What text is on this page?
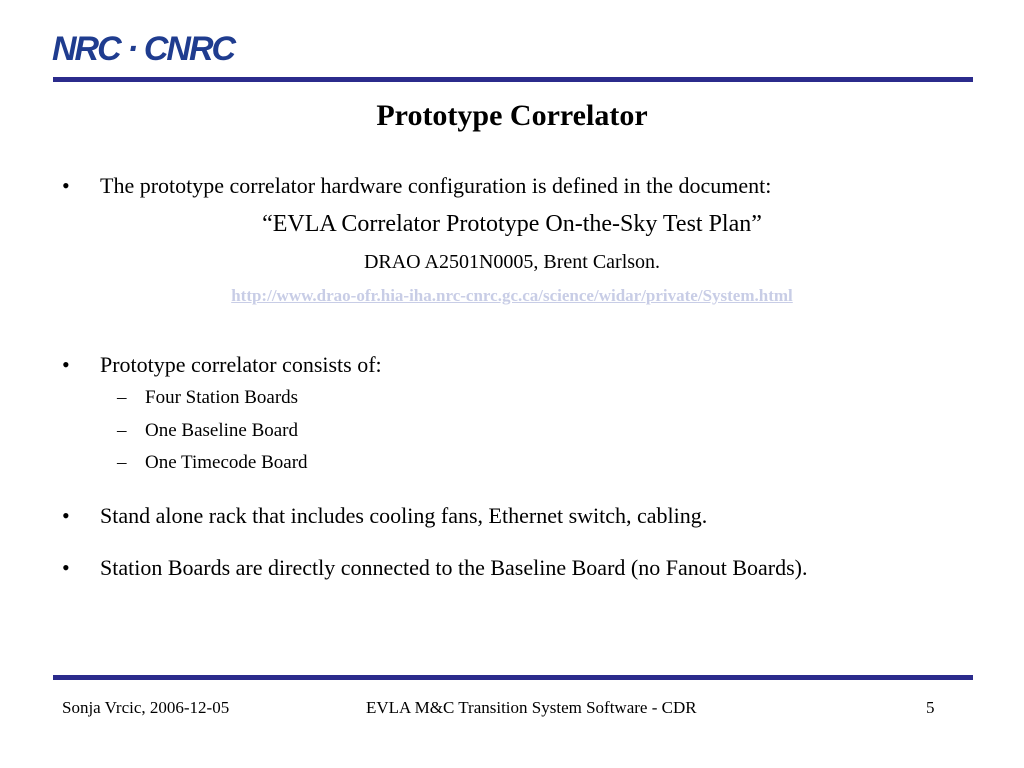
NRC · CNRC
Prototype Correlator
• The prototype correlator hardware configuration is defined in the document:
“EVLA Correlator Prototype On-the-Sky Test Plan”
DRAO A2501N0005, Brent Carlson.
http://www.drao-ofr.hia-iha.nrc-cnrc.gc.ca/science/widar/private/System.html
• Prototype correlator consists of:
– Four Station Boards
– One Baseline Board
– One Timecode Board
• Stand alone rack that includes cooling fans, Ethernet switch, cabling.
• Station Boards are directly connected to the Baseline Board (no Fanout Boards).
Sonja Vrcic, 2006-12-05	EVLA M&C Transition System Software - CDR	5
